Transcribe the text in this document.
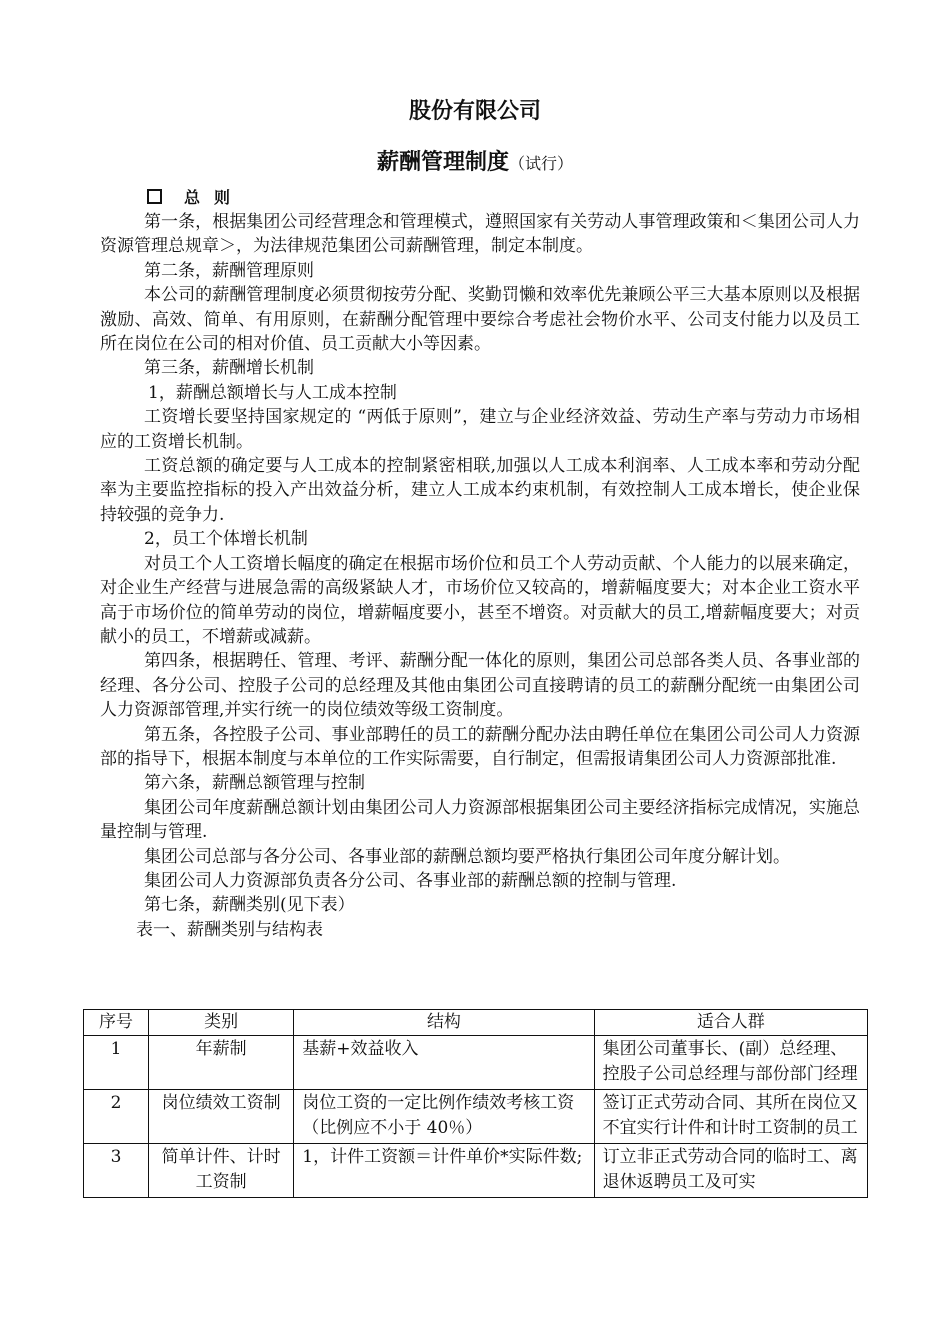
股份有限公司
薪酬管理制度（试行）
总 则

第一条，根据集团公司经营理念和管理模式，遵照国家有关劳动人事管理政策和＜集团公司人力资源管理总规章＞，为法律规范集团公司薪酬管理，制定本制度。

第二条，薪酬管理原则

本公司的薪酬管理制度必须贯彻按劳分配、奖勤罚懒和效率优先兼顾公平三大基本原则以及根据激励、高效、简单、有用原则，在薪酬分配管理中要综合考虑社会物价水平、公司支付能力以及员工所在岗位在公司的相对价值、员工贡献大小等因素。

第三条，薪酬增长机制

1，薪酬总额增长与人工成本控制

工资增长要坚持国家规定的 “两低于原则”，建立与企业经济效益、劳动生产率与劳动力市场相应的工资增长机制。

工资总额的确定要与人工成本的控制紧密相联,加强以人工成本利润率、人工成本率和劳动分配率为主要监控指标的投入产出效益分析，建立人工成本约束机制，有效控制人工成本增长，使企业保持较强的竞争力.

2，员工个体增长机制

对员工个人工资增长幅度的确定在根据市场价位和员工个人劳动贡献、个人能力的以展来确定，对企业生产经营与进展急需的高级紧缺人才，市场价位又较高的，增薪幅度要大；对本企业工资水平高于市场价位的简单劳动的岗位，增薪幅度要小，甚至不增资。对贡献大的员工,增薪幅度要大；对贡献小的员工，不增薪或减薪。

第四条，根据聘任、管理、考评、薪酬分配一体化的原则，集团公司总部各类人员、各事业部的经理、各分公司、控股子公司的总经理及其他由集团公司直接聘请的员工的薪酬分配统一由集团公司人力资源部管理,并实行统一的岗位绩效等级工资制度。

第五条，各控股子公司、事业部聘任的员工的薪酬分配办法由聘任单位在集团公司公司人力资源部的指导下，根据本制度与本单位的工作实际需要，自行制定，但需报请集团公司人力资源部批准.

第六条，薪酬总额管理与控制

集团公司年度薪酬总额计划由集团公司人力资源部根据集团公司主要经济指标完成情况，实施总量控制与管理.

集团公司总部与各分公司、各事业部的薪酬总额均要严格执行集团公司年度分解计划。

集团公司人力资源部负责各分公司、各事业部的薪酬总额的控制与管理.

第七条，薪酬类别(见下表）

表一、薪酬类别与结构表

序号	类别	结构	适合人群
1	年薪制	基薪+效益收入	集团公司董事长、(副）总经理、控股子公司总经理与部份部门经理
2	岗位绩效工资制	岗位工资的一定比例作绩效考核工资（比例应不小于 40％）	签订正式劳动合同、其所在岗位又不宜实行计件和计时工资制的员工
3	简单计件、计时工资制	1，计件工资额＝计件单价*实际件数;	订立非正式劳动合同的临时工、离退休返聘员工及可实
